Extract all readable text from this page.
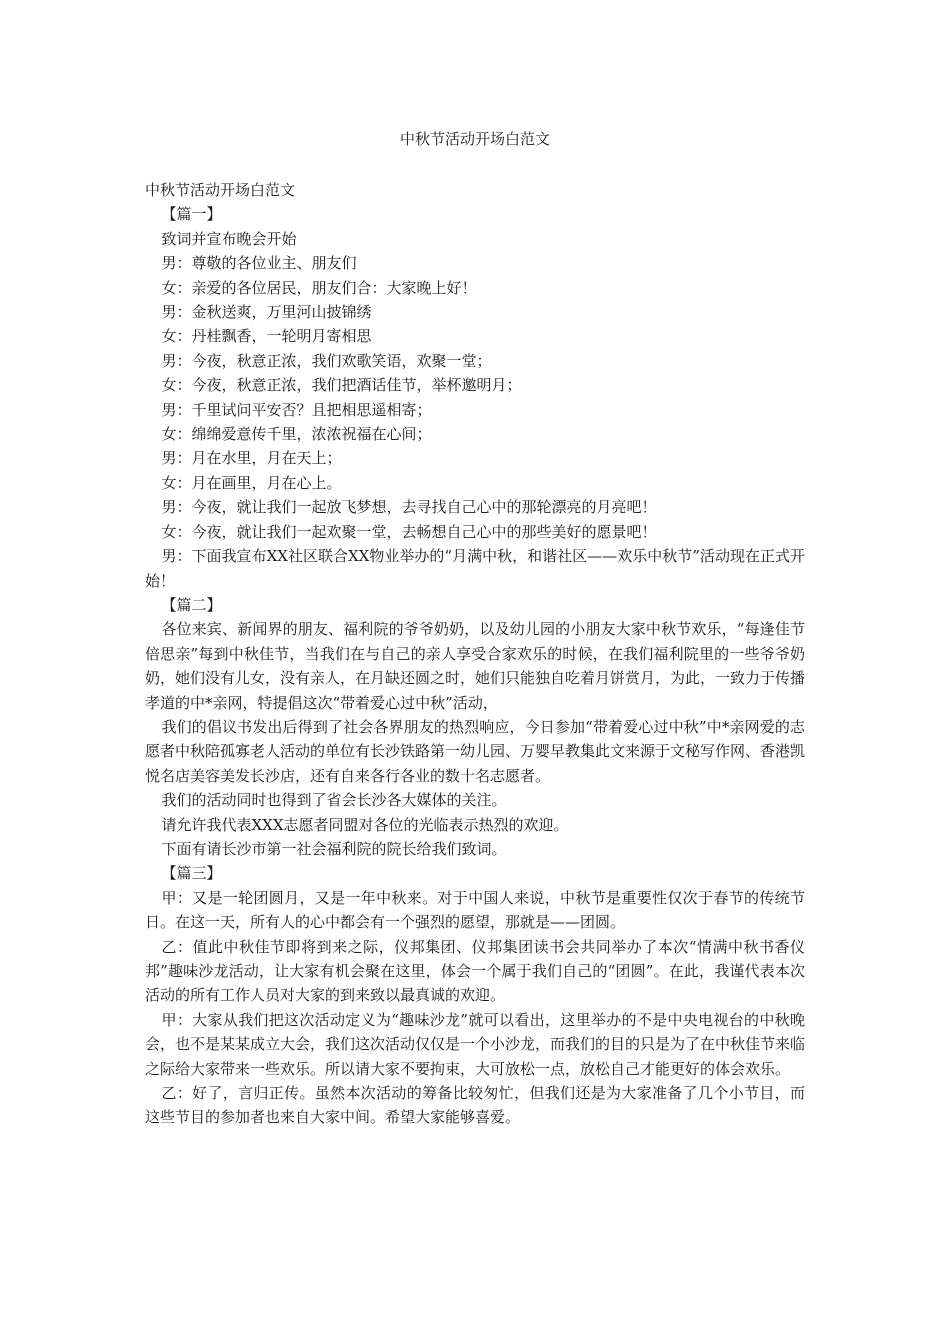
中秋节活动开场白范文

中秋节活动开场白范文

【篇一】

致词并宣布晚会开始

男：尊敬的各位业主、朋友们

女：亲爱的各位居民，朋友们合：大家晚上好！

男：金秋送爽，万里河山披锦绣

女：丹桂飘香，一轮明月寄相思

男：今夜，秋意正浓，我们欢歌笑语，欢聚一堂；

女：今夜，秋意正浓，我们把酒话佳节，举杯邀明月；

男：千里试问平安否？且把相思遥相寄；

女：绵绵爱意传千里，浓浓祝福在心间；

男：月在水里，月在天上；

女：月在画里，月在心上。

男：今夜，就让我们一起放飞梦想，去寻找自己心中的那轮漂亮的月亮吧！

女：今夜，就让我们一起欢聚一堂，去畅想自己心中的那些美好的愿景吧！

男：下面我宣布XX社区联合XX物业举办的“月满中秋，和谐社区——欢乐中秋节”活动现在正式开始！

【篇二】

各位来宾、新闻界的朋友、福利院的爷爷奶奶，以及幼儿园的小朋友大家中秋节欢乐，“每逢佳节倍思亲”每到中秋佳节，当我们在与自己的亲人享受合家欢乐的时候，在我们福利院里的一些爷爷奶奶，她们没有儿女，没有亲人，在月缺还圆之时，她们只能独自吃着月饼赏月，为此，一致力于传播孝道的中*亲网，特提倡这次“带着爱心过中秋”活动，

我们的倡议书发出后得到了社会各界朋友的热烈响应，今日参加“带着爱心过中秋”中*亲网爱的志愿者中秋陪孤寡老人活动的单位有长沙铁路第一幼儿园、万婴早教集此文来源于文秘写作网、香港凯悦名店美容美发长沙店，还有自来各行各业的数十名志愿者。

我们的活动同时也得到了省会长沙各大媒体的关注。

请允许我代表XXX志愿者同盟对各位的光临表示热烈的欢迎。

下面有请长沙市第一社会福利院的院长给我们致词。

【篇三】

甲：又是一轮团圆月，又是一年中秋来。对于中国人来说，中秋节是重要性仅次于春节的传统节日。在这一天，所有人的心中都会有一个强烈的愿望，那就是——团圆。

乙：值此中秋佳节即将到来之际，仪邦集团、仪邦集团读书会共同举办了本次“情满中秋书香仪邦”趣味沙龙活动，让大家有机会聚在这里，体会一个属于我们自己的“团圆”。在此，我谨代表本次活动的所有工作人员对大家的到来致以最真诚的欢迎。

甲：大家从我们把这次活动定义为“趣味沙龙”就可以看出，这里举办的不是中央电视台的中秋晚会，也不是某某成立大会，我们这次活动仅仅是一个小沙龙，而我们的目的只是为了在中秋佳节来临之际给大家带来一些欢乐。所以请大家不要拘束，大可放松一点，放松自己才能更好的体会欢乐。

乙：好了，言归正传。虽然本次活动的筹备比较匆忙，但我们还是为大家准备了几个小节目，而这些节目的参加者也来自大家中间。希望大家能够喜爱。
